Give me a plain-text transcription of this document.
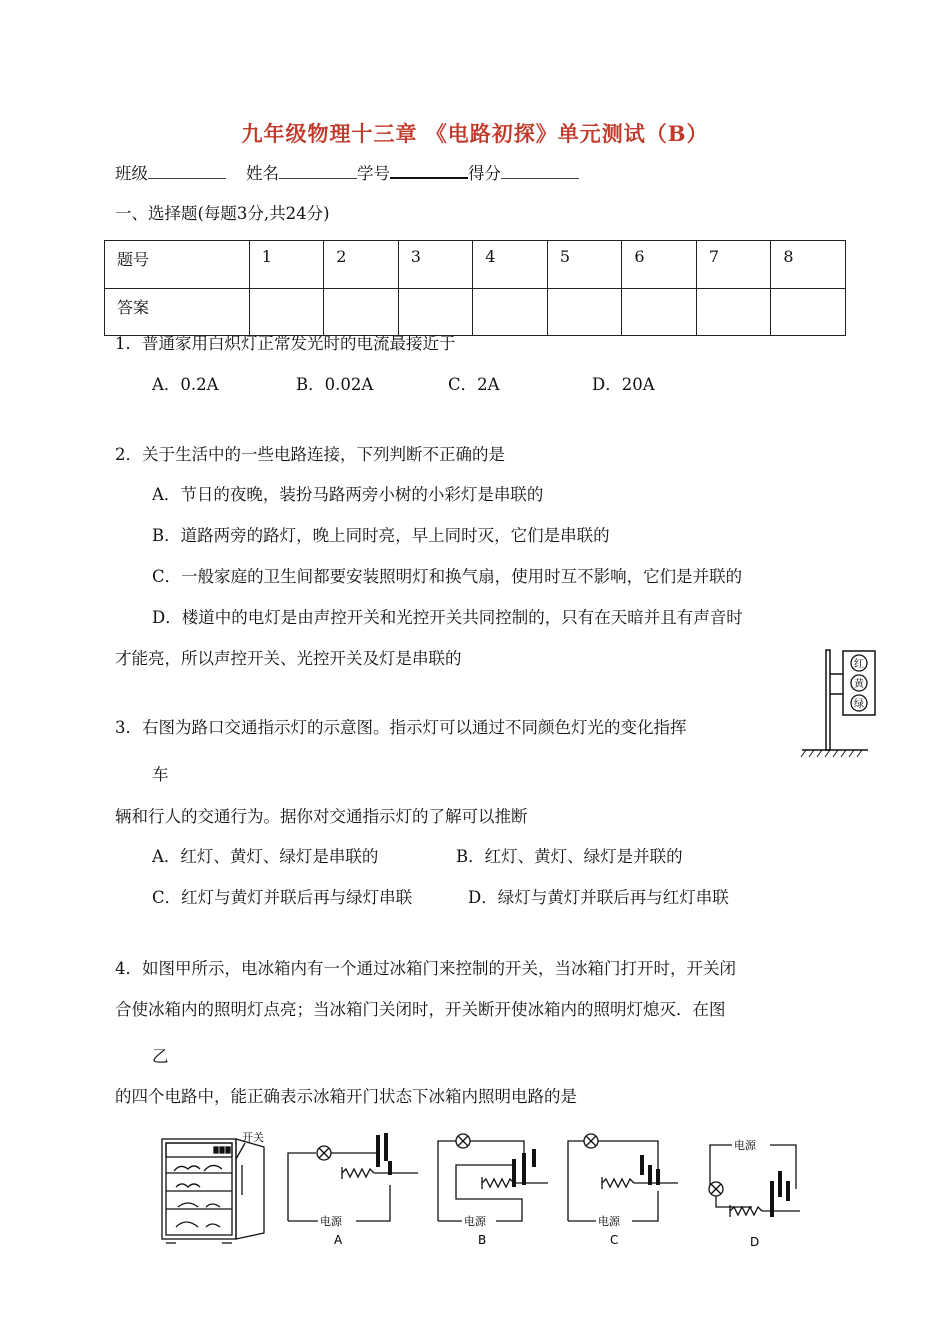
九年级物理十三章 《电路初探》单元测试（B）
班级	姓名	学号	得分
一、选择题(每题3分,共24分)
题号	1	2	3	4	5	6	7	8
答案								
1．普通家用白炽灯正常发光时的电流最接近于
A．0.2A	B．0.02A	C．2A	D．20A
2．关于生活中的一些电路连接，下列判断不正确的是
A．节日的夜晚，装扮马路两旁小树的小彩灯是串联的
B．道路两旁的路灯，晚上同时亮，早上同时灭，它们是串联的
C．一般家庭的卫生间都要安装照明灯和换气扇，使用时互不影响，它们是并联的
D．楼道中的电灯是由声控开关和光控开关共同控制的，只有在天暗并且有声音时
才能亮，所以声控开关、光控开关及灯是串联的
3．右图为路口交通指示灯的示意图。指示灯可以通过不同颜色灯光的变化指挥
车
辆和行人的交通行为。据你对交通指示灯的了解可以推断
A．红灯、黄灯、绿灯是串联的	B．红灯、黄灯、绿灯是并联的
C．红灯与黄灯并联后再与绿灯串联	D．绿灯与黄灯并联后再与红灯串联
红
黄
绿
4．如图甲所示，电冰箱内有一个通过冰箱门来控制的开关，当冰箱门打开时，开关闭
合使冰箱内的照明灯点亮；当冰箱门关闭时，开关断开使冰箱内的照明灯熄灭．在图
乙
的四个电路中，能正确表示冰箱开门状态下冰箱内照明电路的是
开关
电源
A
电源
B
电源
C
电源
D
